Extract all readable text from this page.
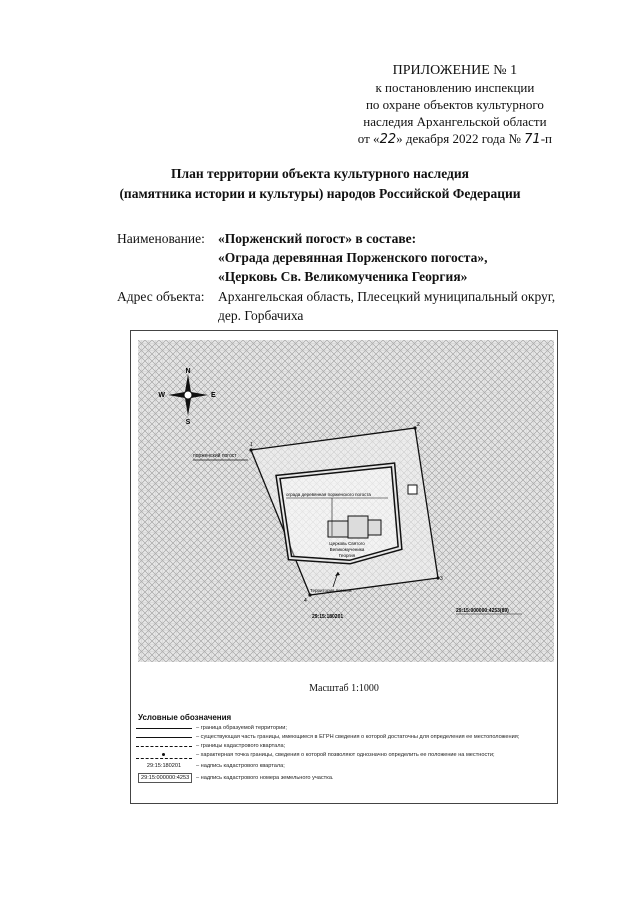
ПРИЛОЖЕНИЕ № 1
к постановлению инспекции
по охране объектов культурного
наследия Архангельской области
от «22» декабря 2022 года № 71-п
План территории объекта культурного наследия
(памятника истории и культуры) народов Российской Федерации
Наименование: «Порженский погост» в составе:
«Ограда деревянная Порженского погоста»,
«Церковь Св. Великомученика Георгия»
Адрес объекта: Архангельская область, Плесецкий муниципальный округ,
дер. Горбачиха
N
S
W	E
порженский погост
1
2
3
4
ограда деревянная порженского погоста
Церковь Святого
Великомученика
Георгия
Территория погоста
29:15:000000:4253(89)
29:15:180201
Масштаб 1:1000
Условные обозначения
– граница образуемой территории;
– существующая часть границы, имеющиеся в ЕГРН сведения о которой достаточны для определения ее местоположения;
– границы кадастрового квартала;
– характерная точка границы, сведения о которой позволяют однозначно определить ее положение на местности;
29:15:180201	– надпись кадастрового квартала;
29:15:000000:4253	– надпись кадастрового номера земельного участка.
